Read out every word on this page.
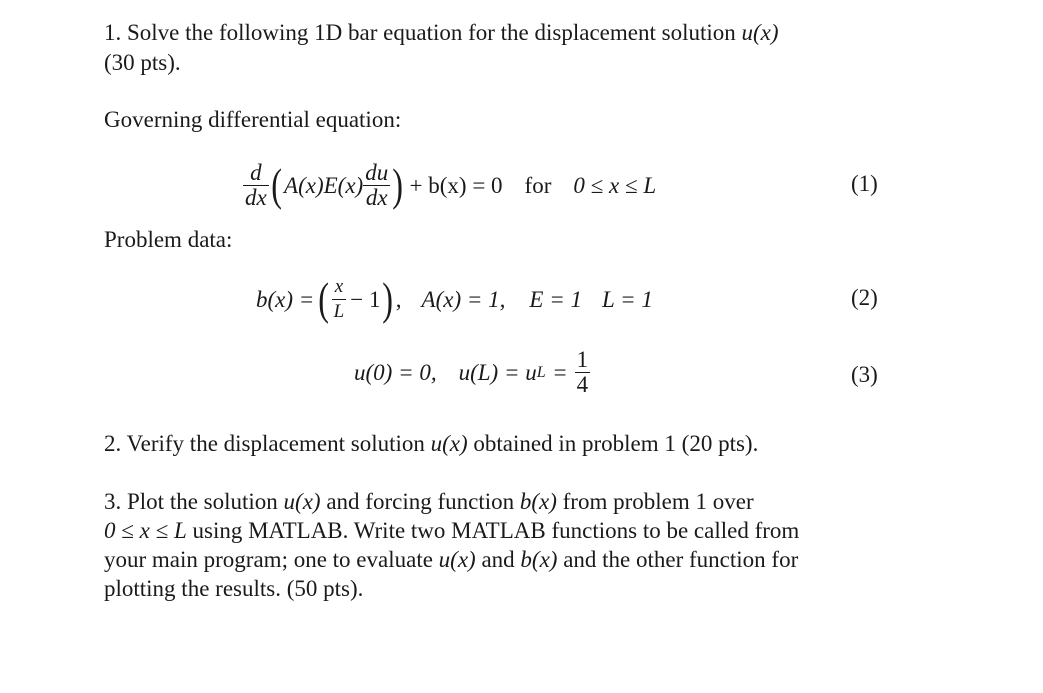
1. Solve the following 1D bar equation for the displacement solution u(x)
(30 pts).
Governing differential equation:
$\frac{d}{dx}$ ( $A(x)E(x) \frac{du}{dx}$ ) + b(x) = 0 for 0 ≤ x ≤ L	(1)
Problem data:
b(x) = ( $\frac{x}{L} - 1$ ) , A(x) = 1, E = 1 L = 1	(2)
u(0) = 0, u(L) = u $L = \frac{1}{4}$	(3)
2. Verify the displacement solution u(x) obtained in problem 1 (20 pts).
3. Plot the solution u(x) and forcing function b(x) from problem 1 over
0 ≤ x ≤ L using MATLAB. Write two MATLAB functions to be called from
your main program; one to evaluate u(x) and b(x) and the other function for
plotting the results. (50 pts).
